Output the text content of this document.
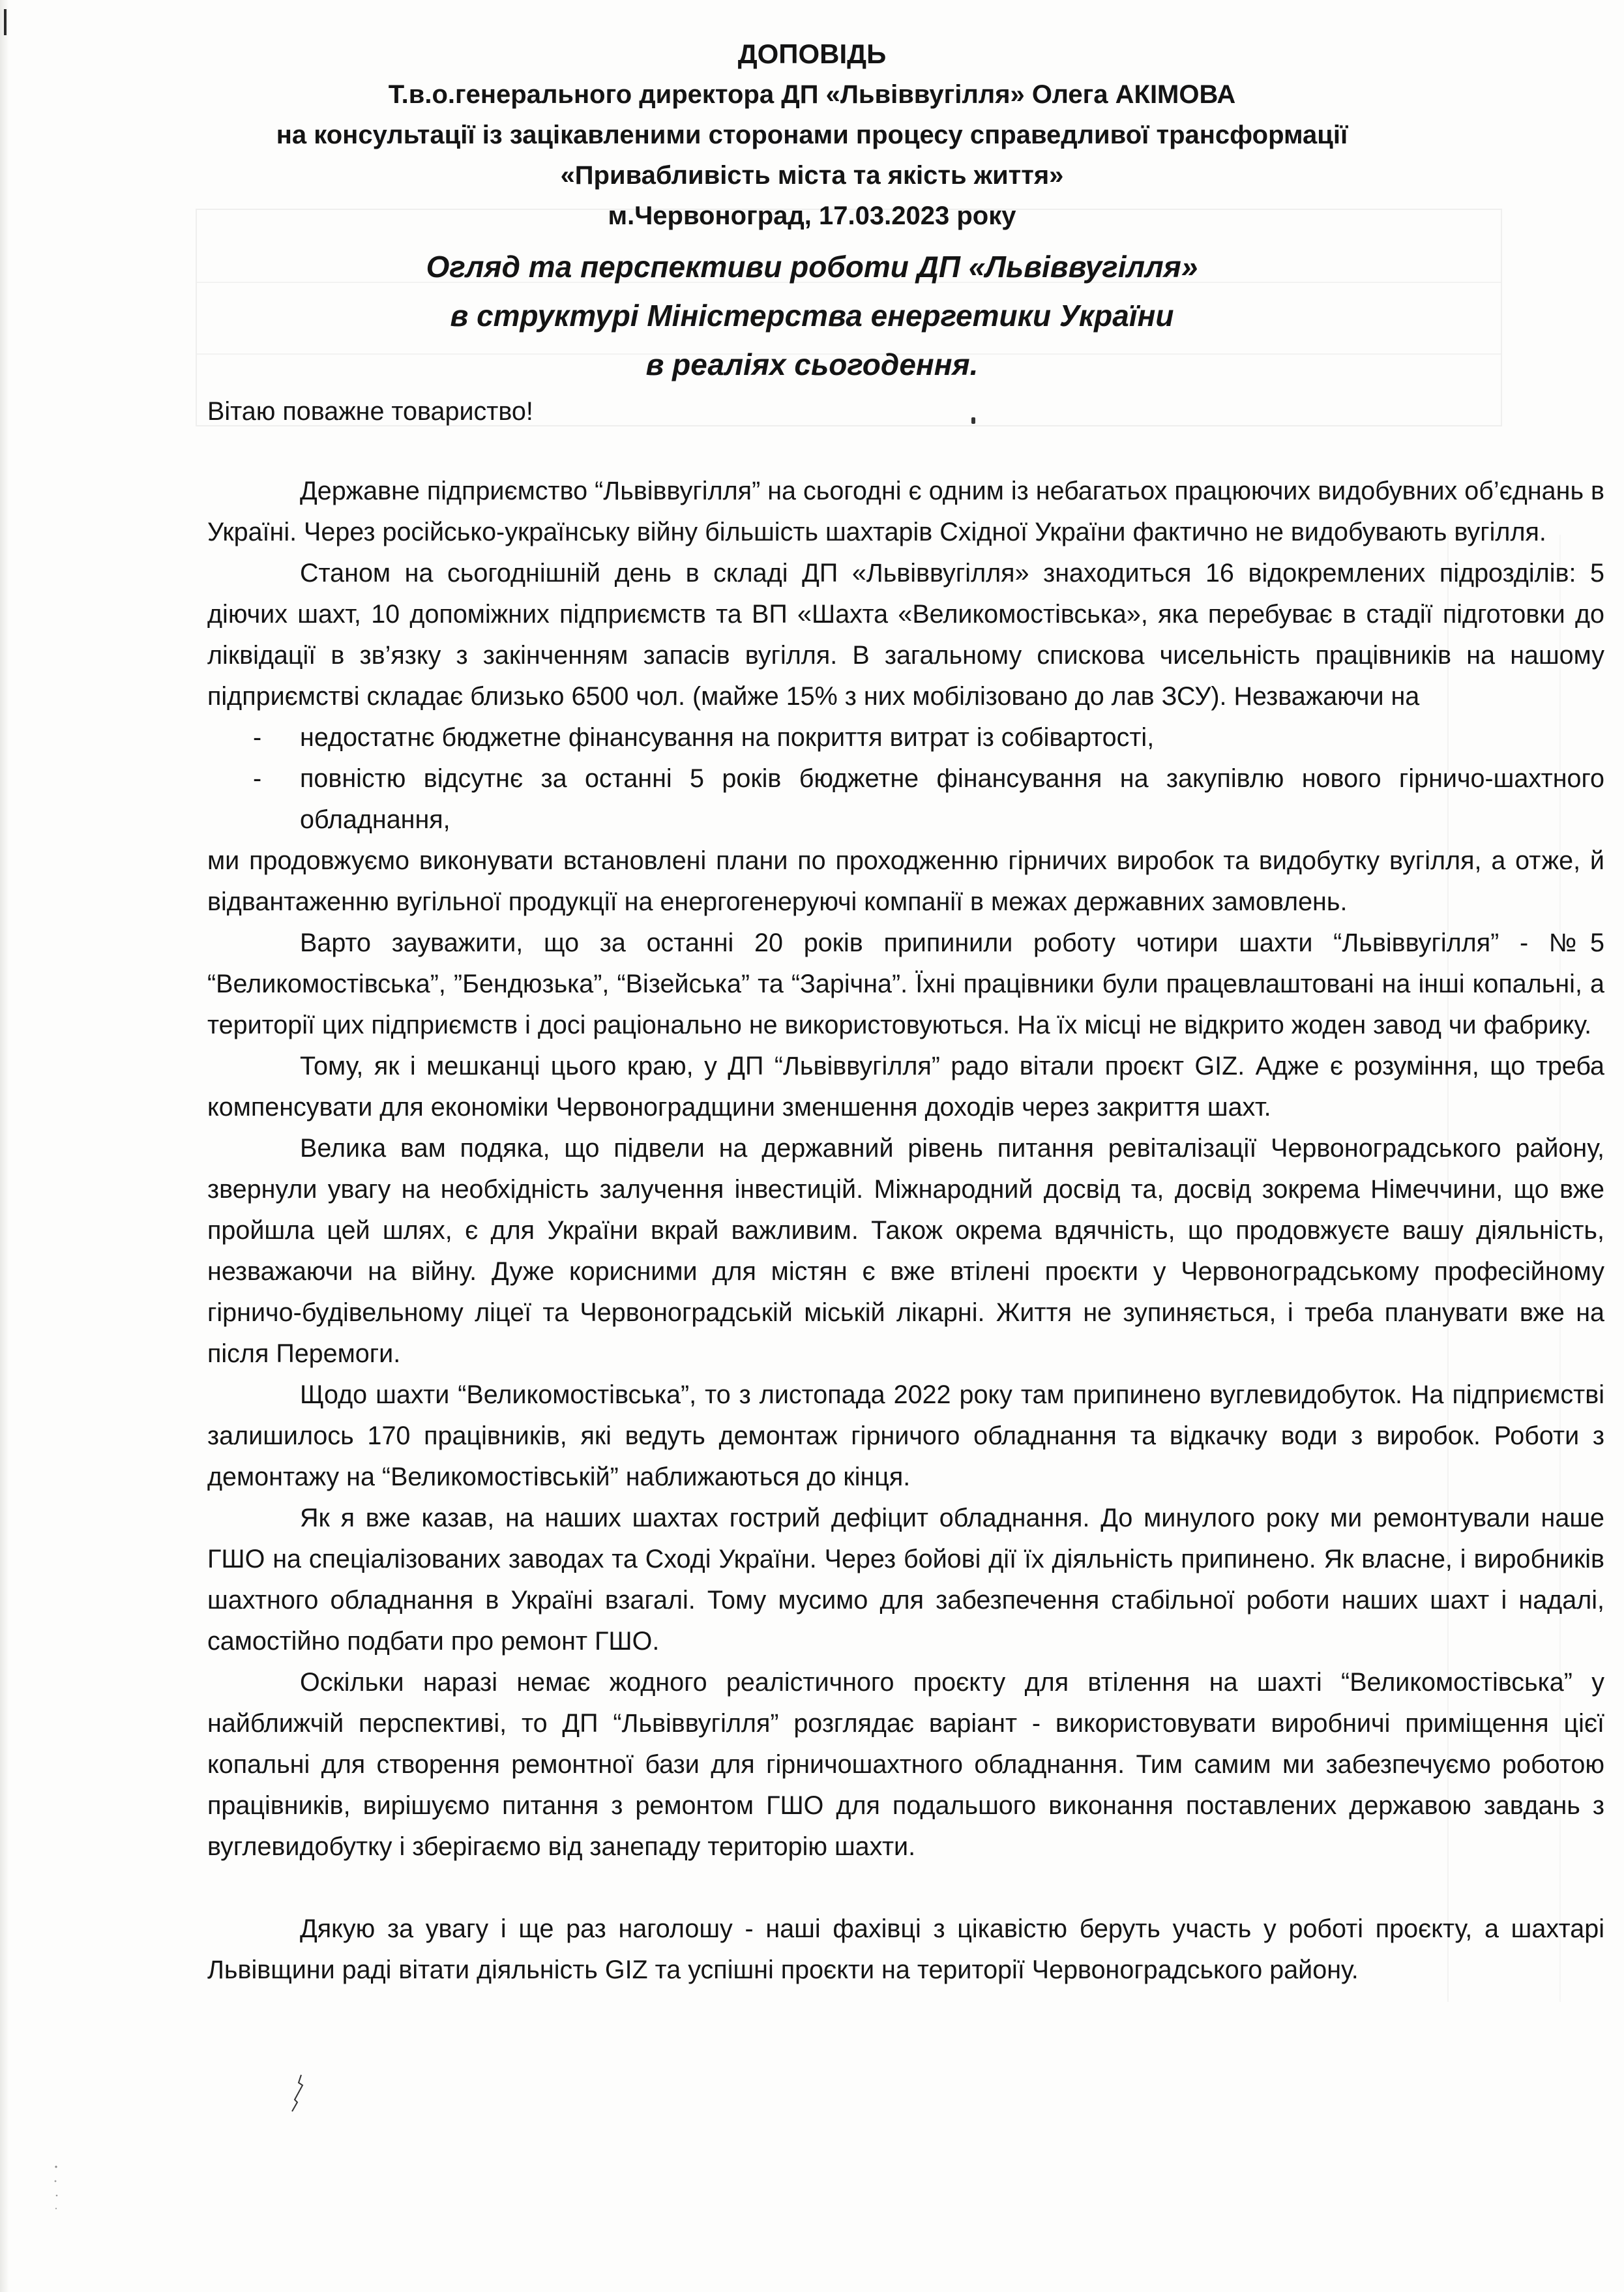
ДОПОВІДЬ
Т.в.о.генерального директора ДП «Львіввугілля» Олега АКІМОВА
на консультації із зацікавленими сторонами процесу справедливої трансформації
«Привабливість міста та якість життя»
м.Червоноград, 17.03.2023 року
Огляд та перспективи роботи ДП «Львіввугілля»
в структурі Міністерства енергетики України
в реаліях сьогодення.

Вітаю поважне товариство!

Державне підприємство “Львіввугілля” на сьогодні є одним із небагатьох працюючих видобувних об’єднань в Україні. Через російсько-українську війну більшість шахтарів Східної України фактично не видобувають вугілля.

Станом на сьогоднішній день в складі ДП «Львіввугілля» знаходиться 16 відокремлених підрозділів: 5 діючих шахт, 10 допоміжних підприємств та ВП «Шахта «Великомостівська», яка перебуває в стадії підготовки до ліквідації в зв’язку з закінченням запасів вугілля. В загальному спискова чисельність працівників на нашому підприємстві складає близько 6500 чол. (майже 15% з них мобілізовано до лав ЗСУ). Незважаючи на

- недостатнє бюджетне фінансування на покриття витрат із собівартості,
- повністю відсутнє за останні 5 років бюджетне фінансування на закупівлю нового гірничо-шахтного обладнання,

ми продовжуємо виконувати встановлені плани по проходженню гірничих виробок та видобутку вугілля, а отже, й відвантаженню вугільної продукції на енергогенеруючі компанії в межах державних замовлень.

Варто зауважити, що за останні 20 років припинили роботу чотири шахти “Львіввугілля” - №5 “Великомостівська”, ”Бендюзька”, “Візейська” та “Зарічна”. Їхні працівники були працевлаштовані на інші копальні, а території цих підприємств і досі раціонально не використовуються. На їх місці не відкрито жоден завод чи фабрику.

Тому, як і мешканці цього краю, у ДП “Львіввугілля” радо вітали проєкт GIZ. Адже є розуміння, що треба компенсувати для економіки Червоноградщини зменшення доходів через закриття шахт.

Велика вам подяка, що підвели на державний рівень питання ревіталізації Червоноградського району, звернули увагу на необхідність залучення інвестицій. Міжнародний досвід та, досвід зокрема Німеччини, що вже пройшла цей шлях, є для України вкрай важливим. Також окрема вдячність, що продовжуєте вашу діяльність, незважаючи на війну. Дуже корисними для містян є вже втілені проєкти у Червоноградському професійному гірничо-будівельному ліцеї та Червоноградській міській лікарні. Життя не зупиняється, і треба планувати вже на після Перемоги.

Щодо шахти “Великомостівська”, то з листопада 2022 року там припинено вуглевидобуток. На підприємстві залишилось 170 працівників, які ведуть демонтаж гірничого обладнання та відкачку води з виробок. Роботи з демонтажу на “Великомостівській” наближаються до кінця.

Як я вже казав, на наших шахтах гострий дефіцит обладнання. До минулого року ми ремонтували наше ГШО на спеціалізованих заводах та Сході України. Через бойові дії їх діяльність припинено. Як власне, і виробників шахтного обладнання в Україні взагалі. Тому мусимо для забезпечення стабільної роботи наших шахт і надалі, самостійно подбати про ремонт ГШО.

Оскільки наразі немає жодного реалістичного проєкту для втілення на шахті “Великомостівська” у найближчій перспективі, то ДП “Львіввугілля” розглядає варіант - використовувати виробничі приміщення цієї копальні для створення ремонтної бази для гірничошахтного обладнання. Тим самим ми забезпечуємо роботою працівників, вирішуємо питання з ремонтом ГШО для подальшого виконання поставлених державою завдань з вуглевидобутку і зберігаємо від занепаду територію шахти.

Дякую за увагу і ще раз наголошу - наші фахівці з цікавістю беруть участь у роботі проєкту, а шахтарі Львівщини раді вітати діяльність GIZ та успішні проєкти на території Червоноградського району.
